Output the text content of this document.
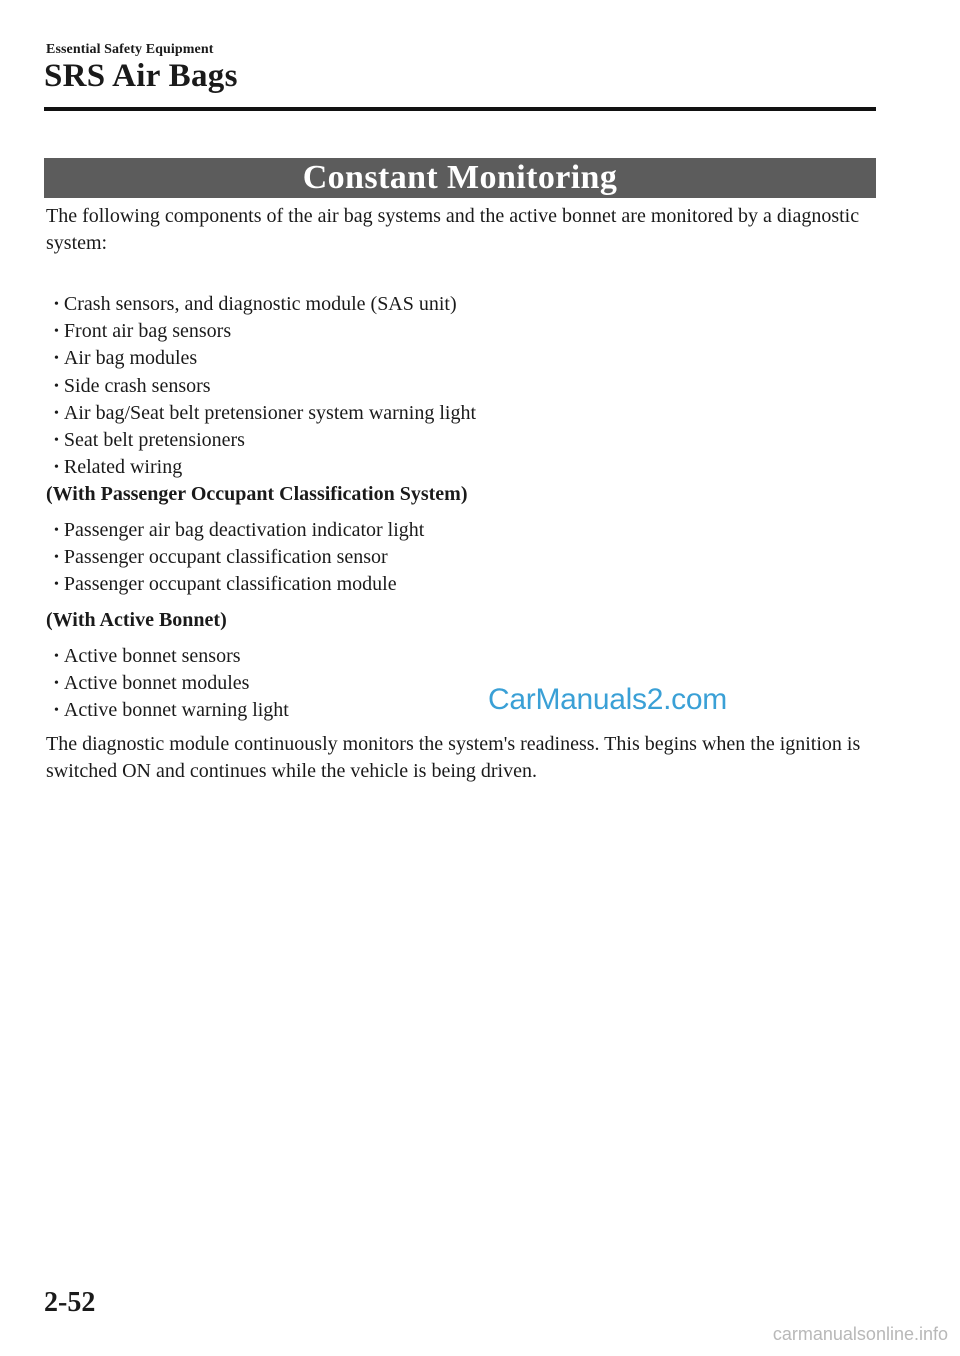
Essential Safety Equipment
SRS Air Bags
Constant Monitoring

The following components of the air bag systems and the active bonnet are monitored by a diagnostic system:

• Crash sensors, and diagnostic module (SAS unit)
• Front air bag sensors
• Air bag modules
• Side crash sensors
• Air bag/Seat belt pretensioner system warning light
• Seat belt pretensioners
• Related wiring

(With Passenger Occupant Classification System)

• Passenger air bag deactivation indicator light
• Passenger occupant classification sensor
• Passenger occupant classification module

(With Active Bonnet)

• Active bonnet sensors
• Active bonnet modules
• Active bonnet warning light	CarManuals2.com

The diagnostic module continuously monitors the system's readiness. This begins when the ignition is switched ON and continues while the vehicle is being driven.

2-52
carmanualsonline.info
